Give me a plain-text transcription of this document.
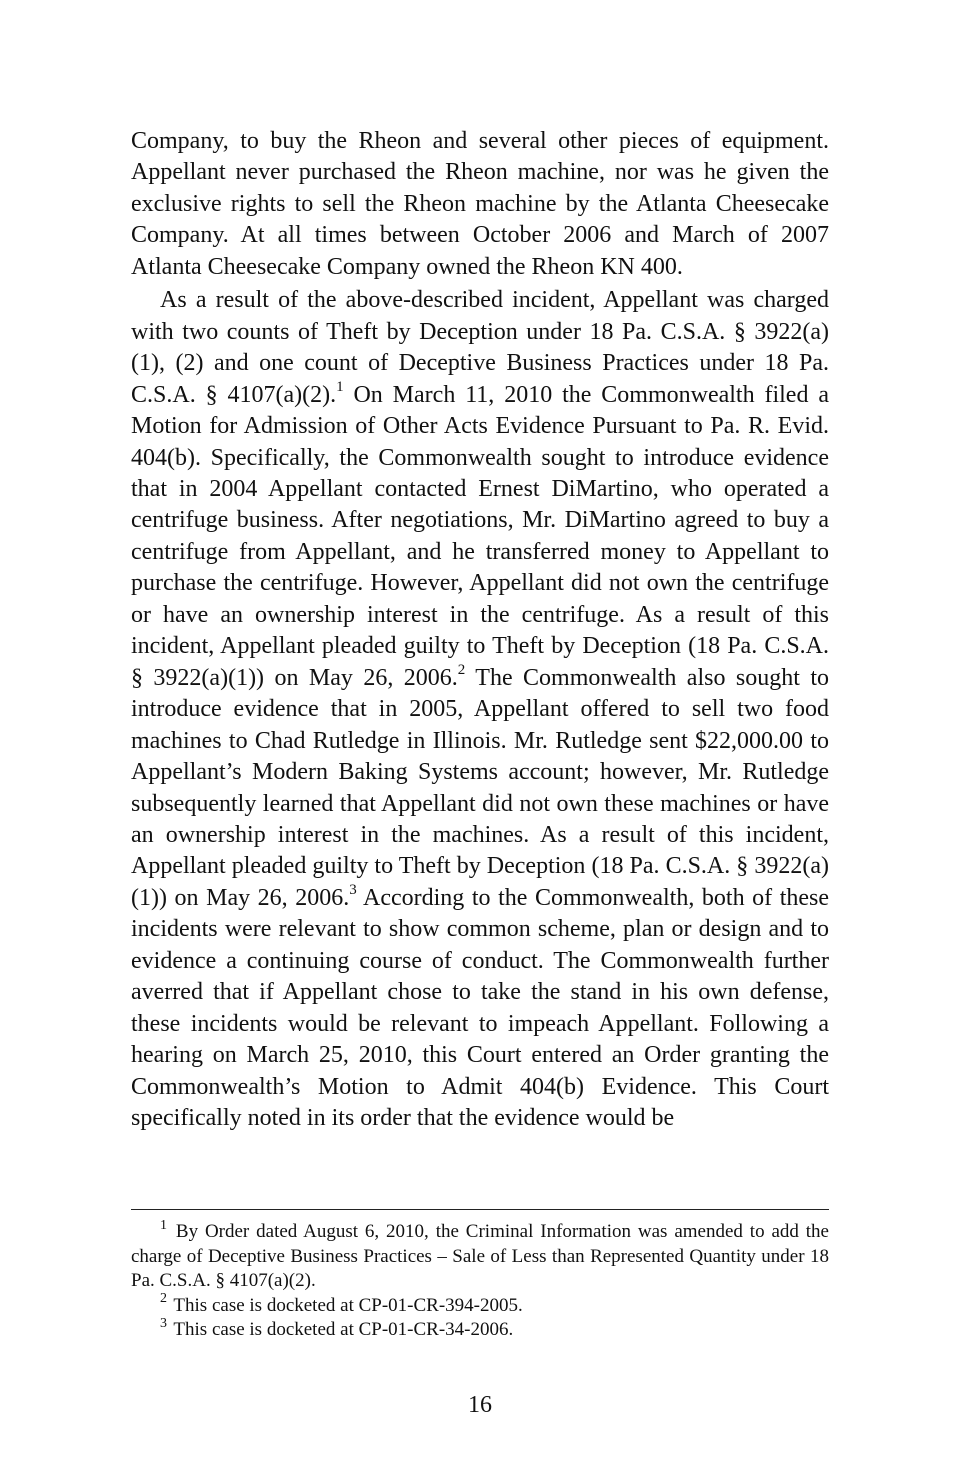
Company, to buy the Rheon and several other pieces of equipment. Appellant never purchased the Rheon machine, nor was he given the exclusive rights to sell the Rheon machine by the Atlanta Cheesecake Company. At all times between October 2006 and March of 2007 Atlanta Cheesecake Company owned the Rheon KN 400.

As a result of the above-described incident, Appellant was charged with two counts of Theft by Deception under 18 Pa. C.S.A. § 3922(a) (1), (2) and one count of Deceptive Business Practices under 18 Pa. C.S.A. § 4107(a)(2).$^1$ On March 11, 2010 the Commonwealth filed a Motion for Admission of Other Acts Evidence Pursuant to Pa. R. Evid. 404(b). Specifically, the Commonwealth sought to introduce evidence that in 2004 Appellant contacted Ernest DiMartino, who operated a centrifuge business. After negotiations, Mr. DiMartino agreed to buy a centrifuge from Appellant, and he transferred money to Appellant to purchase the centrifuge. However, Appellant did not own the centrifuge or have an ownership interest in the centrifuge. As a result of this incident, Appellant pleaded guilty to Theft by Deception (18 Pa. C.S.A. § 3922(a)(1)) on May 26, 2006.$^2$ The Commonwealth also sought to introduce evidence that in 2005, Appellant offered to sell two food machines to Chad Rutledge in Illinois. Mr. Rutledge sent $22,000.00 to Appellant’s Modern Baking Systems account; however, Mr. Rutledge subsequently learned that Appellant did not own these machines or have an ownership interest in the machines. As a result of this incident, Appellant pleaded guilty to Theft by Deception (18 Pa. C.S.A. § 3922(a)(1)) on May 26, 2006.$^3$ According to the Commonwealth, both of these incidents were relevant to show common scheme, plan or design and to evidence a continuing course of conduct. The Commonwealth further averred that if Appellant chose to take the stand in his own defense, these incidents would be relevant to impeach Appellant. Following a hearing on March 25, 2010, this Court entered an Order granting the Commonwealth’s Motion to Admit 404(b) Evidence. This Court specifically noted in its order that the evidence would be

$^1$ By Order dated August 6, 2010, the Criminal Information was amended to add the charge of Deceptive Business Practices – Sale of Less than Represented Quantity under 18 Pa. C.S.A. § 4107(a)(2).

$^2$ This case is docketed at CP-01-CR-394-2005.

$^3$ This case is docketed at CP-01-CR-34-2006.

16
